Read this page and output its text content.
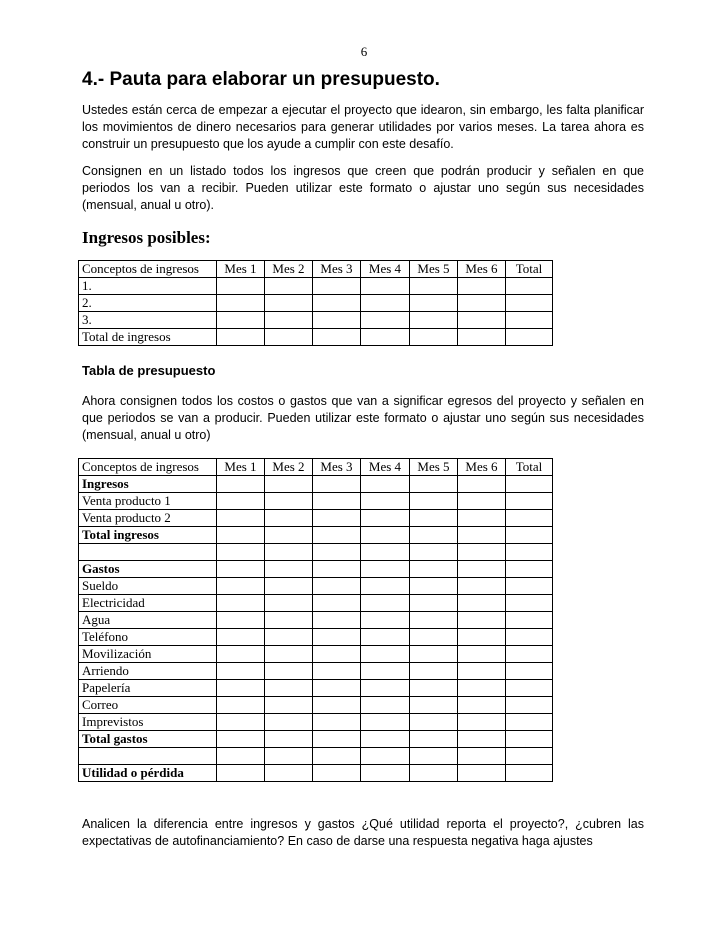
6
4.- Pauta para elaborar un presupuesto.

Ustedes están cerca de empezar a ejecutar el proyecto que idearon, sin embargo, les falta planificar los movimientos de dinero necesarios para generar utilidades por varios meses. La tarea ahora es construir un presupuesto que los ayude a cumplir con este desafío.

Consignen en un listado todos los ingresos que creen que podrán producir y señalen en que periodos los van a recibir. Pueden utilizar este formato o ajustar uno según sus necesidades (mensual, anual u otro).

Ingresos posibles:
Conceptos de ingresos	Mes 1	Mes 2	Mes 3	Mes 4	Mes 5	Mes 6	Total
1.							
2.							
3.							
Total de ingresos							
Tabla de presupuesto

Ahora consignen todos los costos o gastos que van a significar egresos del proyecto y señalen en que periodos se van a producir. Pueden utilizar este formato o ajustar uno según sus necesidades (mensual, anual u otro)

Conceptos de ingresos	Mes 1	Mes 2	Mes 3	Mes 4	Mes 5	Mes 6	Total
Ingresos							
Venta producto 1							
Venta producto 2							
Total ingresos							

Gastos							
Sueldo							
Electricidad							
Agua							
Teléfono							
Movilización							
Arriendo							
Papelería							
Correo							
Imprevistos							
Total gastos							

Utilidad o pérdida							

Analicen la diferencia entre ingresos y gastos ¿Qué utilidad reporta el proyecto?, ¿cubren las expectativas de autofinanciamiento? En caso de darse una respuesta negativa haga ajustes
